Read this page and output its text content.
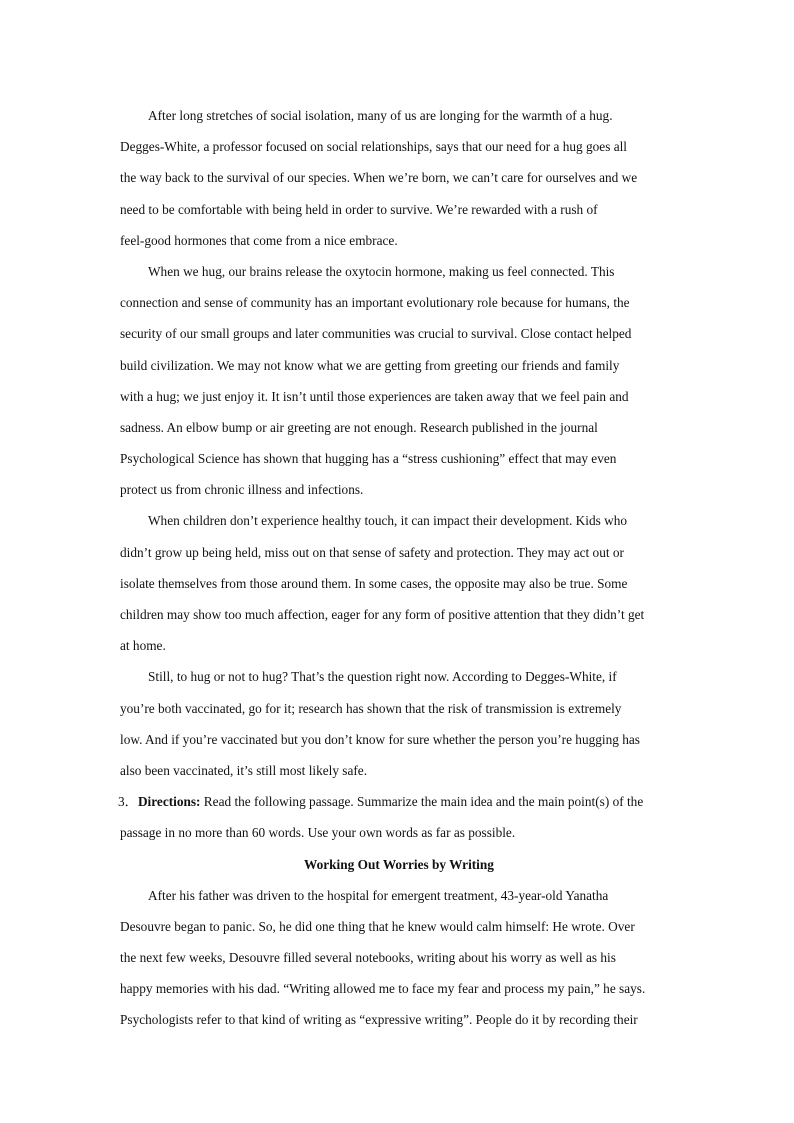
After long stretches of social isolation, many of us are longing for the warmth of a hug.
Degges-White, a professor focused on social relationships, says that our need for a hug goes all
the way back to the survival of our species. When we’re born, we can’t care for ourselves and we
need to be comfortable with being held in order to survive. We’re rewarded with a rush of
feel-good hormones that come from a nice embrace.
When we hug, our brains release the oxytocin hormone, making us feel connected. This
connection and sense of community has an important evolutionary role because for humans, the
security of our small groups and later communities was crucial to survival. Close contact helped
build civilization. We may not know what we are getting from greeting our friends and family
with a hug; we just enjoy it. It isn’t until those experiences are taken away that we feel pain and
sadness. An elbow bump or air greeting are not enough. Research published in the journal
Psychological Science has shown that hugging has a “stress cushioning” effect that may even
protect us from chronic illness and infections.
When children don’t experience healthy touch, it can impact their development. Kids who
didn’t grow up being held, miss out on that sense of safety and protection. They may act out or
isolate themselves from those around them. In some cases, the opposite may also be true. Some
children may show too much affection, eager for any form of positive attention that they didn’t get
at home.
Still, to hug or not to hug? That’s the question right now. According to Degges-White, if
you’re both vaccinated, go for it; research has shown that the risk of transmission is extremely
low. And if you’re vaccinated but you don’t know for sure whether the person you’re hugging has
also been vaccinated, it’s still most likely safe.
3．Directions: Read the following passage. Summarize the main idea and the main point(s) of the
passage in no more than 60 words. Use your own words as far as possible.
Working Out Worries by Writing
After his father was driven to the hospital for emergent treatment, 43-year-old Yanatha
Desouvre began to panic. So, he did one thing that he knew would calm himself: He wrote. Over
the next few weeks, Desouvre filled several notebooks, writing about his worry as well as his
happy memories with his dad. “Writing allowed me to face my fear and process my pain,” he says.
Psychologists refer to that kind of writing as “expressive writing”. People do it by recording their
